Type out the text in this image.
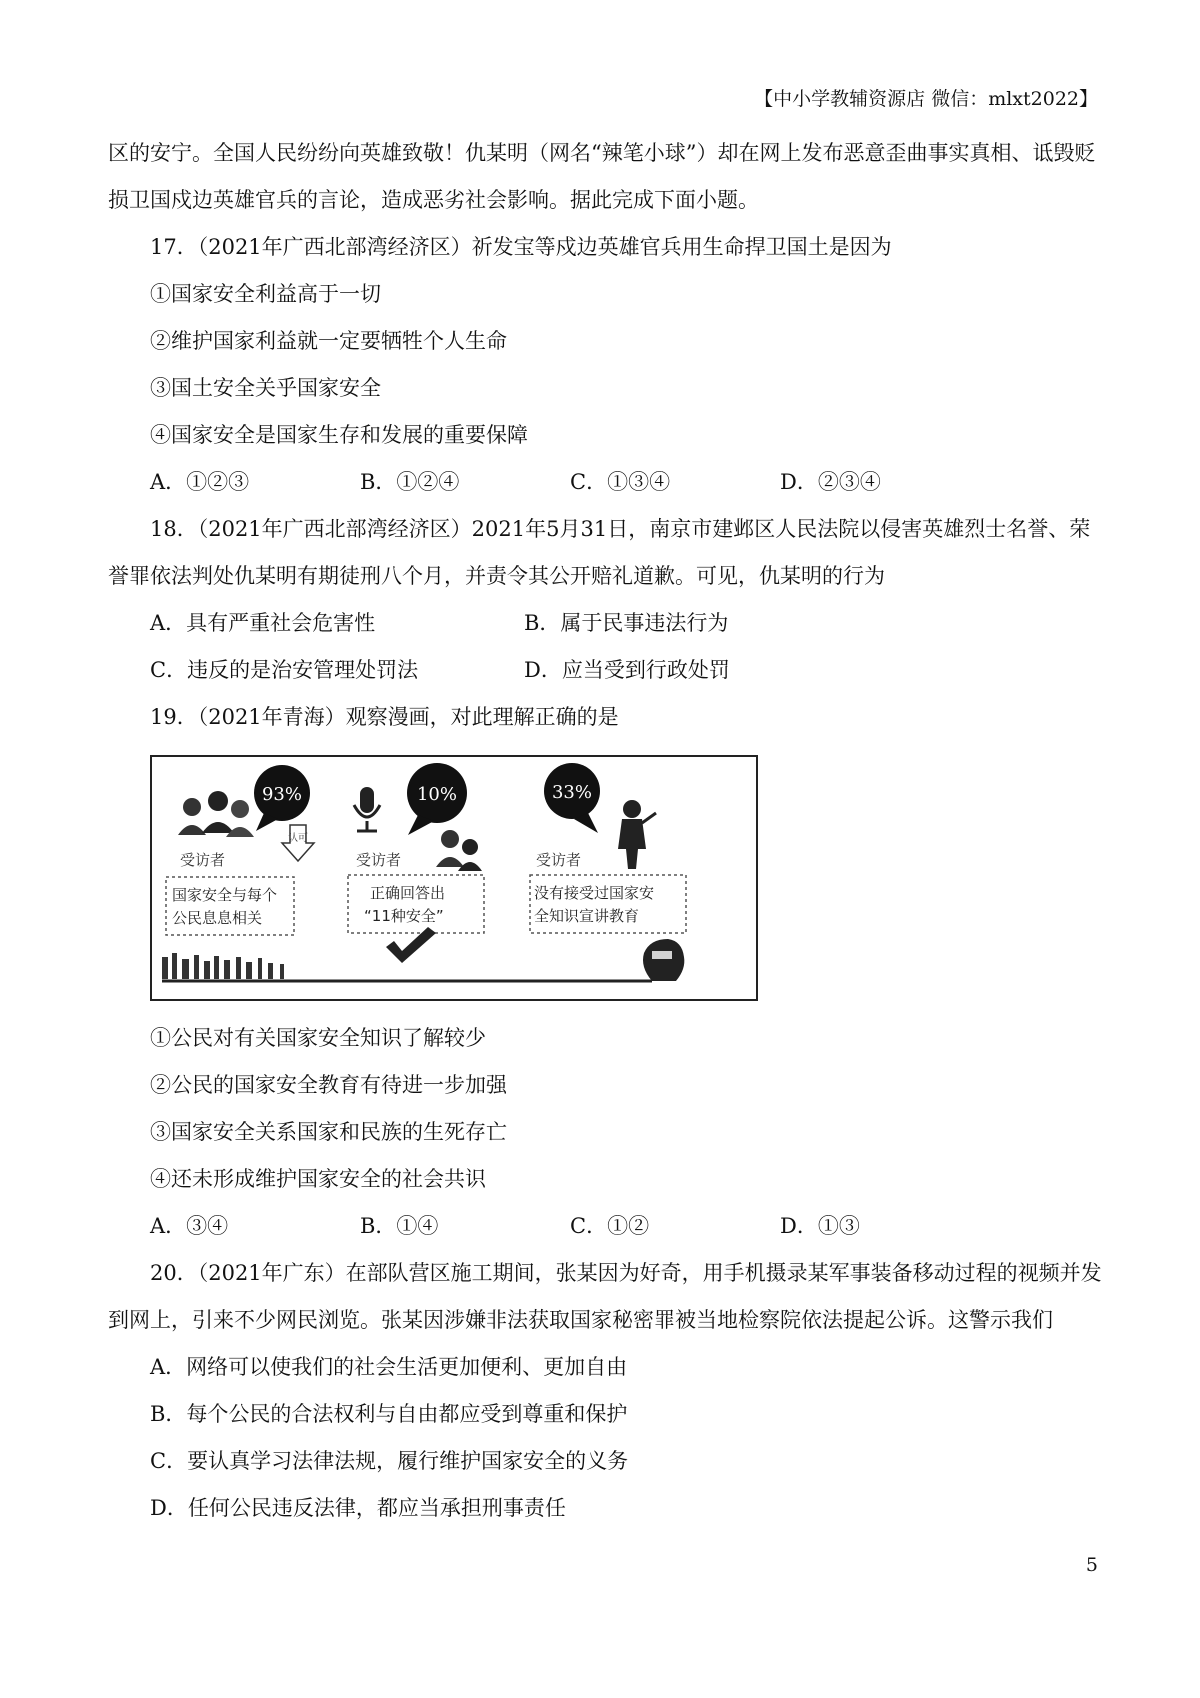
【中小学教辅资源店 微信：mlxt2022】
区的安宁。全国人民纷纷向英雄致敬！仇某明（网名“辣笔小球”）却在网上发布恶意歪曲事实真相、诋毁贬
损卫国戍边英雄官兵的言论，造成恶劣社会影响。据此完成下面小题。
17．（2021年广西北部湾经济区）祈发宝等戍边英雄官兵用生命捍卫国土是因为
①国家安全利益高于一切
②维护国家利益就一定要牺牲个人生命
③国土安全关乎国家安全
④国家安全是国家生存和发展的重要保障
A．①②③	B．①②④	C．①③④	D．②③④
18．（2021年广西北部湾经济区）2021年5月31日，南京市建邺区人民法院以侵害英雄烈士名誉、荣
誉罪依法判处仇某明有期徒刑八个月，并责令其公开赔礼道歉。可见，仇某明的行为
A．具有严重社会危害性	B．属于民事违法行为
C．违反的是治安管理处罚法	D．应当受到行政处罚
19．（2021年青海）观察漫画，对此理解正确的是
93%
认可
受访者
国家安全与每个
公民息息相关
10%
受访者
正确回答出
“11种安全”
33%
受访者
没有接受过国家安
全知识宣讲教育
①公民对有关国家安全知识了解较少
②公民的国家安全教育有待进一步加强
③国家安全关系国家和民族的生死存亡
④还未形成维护国家安全的社会共识
A．③④	B．①④	C．①②	D．①③
20．（2021年广东）在部队营区施工期间，张某因为好奇，用手机摄录某军事装备移动过程的视频并发
到网上，引来不少网民浏览。张某因涉嫌非法获取国家秘密罪被当地检察院依法提起公诉。这警示我们
A．网络可以使我们的社会生活更加便利、更加自由
B．每个公民的合法权利与自由都应受到尊重和保护
C．要认真学习法律法规，履行维护国家安全的义务
D．任何公民违反法律，都应当承担刑事责任
5
